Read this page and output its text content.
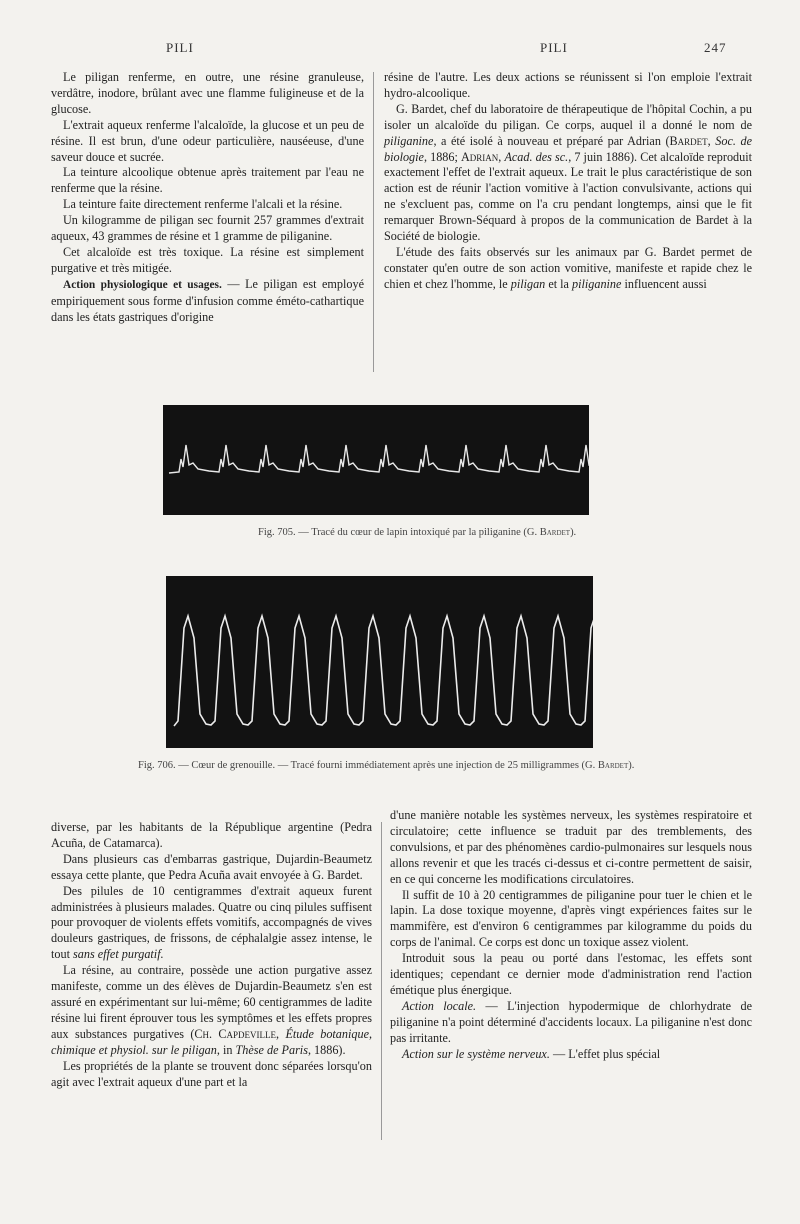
PILI	PILI	247

Le piligan renferme, en outre, une résine granuleuse, verdâtre, inodore, brûlant avec une flamme fuligineuse et de la glucose.

L'extrait aqueux renferme l'alcaloïde, la glucose et un peu de résine. Il est brun, d'une odeur particulière, nauséeuse, d'une saveur douce et sucrée.

La teinture alcoolique obtenue après traitement par l'eau ne renferme que la résine.

La teinture faite directement renferme l'alcali et la résine.

Un kilogramme de piligan sec fournit 257 grammes d'extrait aqueux, 43 grammes de résine et 1 gramme de piliganine.

Cet alcaloïde est très toxique. La résine est simplement purgative et très mitigée.

Action physiologique et usages. — Le piligan est employé empiriquement sous forme d'infusion comme éméto-cathartique dans les états gastriques d'origine

résine de l'autre. Les deux actions se réunissent si l'on emploie l'extrait hydro-alcoolique.

G. Bardet, chef du laboratoire de thérapeutique de l'hôpital Cochin, a pu isoler un alcaloïde du piligan. Ce corps, auquel il a donné le nom de piliganine, a été isolé à nouveau et préparé par Adrian (Bardet, Soc. de biologie, 1886; Adrian, Acad. des sc., 7 juin 1886). Cet alcaloïde reproduit exactement l'effet de l'extrait aqueux. Le trait le plus caractéristique de son action est de réunir l'action vomitive à l'action convulsivante, actions qui ne s'excluent pas, comme on l'a cru pendant longtemps, ainsi que le fit remarquer Brown-Séquard à propos de la communication de Bardet à la Société de biologie.

L'étude des faits observés sur les animaux par G. Bardet permet de constater qu'en outre de son action vomitive, manifeste et rapide chez le chien et chez l'homme, le piligan et la piliganine influencent aussi

Fig. 705. — Tracé du cœur de lapin intoxiqué par la piliganine (G. Bardet).
Fig. 706. — Cœur de grenouille. — Tracé fourni immédiatement après une injection de 25 milligrammes (G. Bardet).

diverse, par les habitants de la République argentine (Pedra Acuña, de Catamarca).

Dans plusieurs cas d'embarras gastrique, Dujardin-Beaumetz essaya cette plante, que Pedra Acuña avait envoyée à G. Bardet.

Des pilules de 10 centigrammes d'extrait aqueux furent administrées à plusieurs malades. Quatre ou cinq pilules suffisent pour provoquer de violents effets vomitifs, accompagnés de vives douleurs gastriques, de frissons, de céphalalgie assez intense, le tout sans effet purgatif.

La résine, au contraire, possède une action purgative assez manifeste, comme un des élèves de Dujardin-Beaumetz s'en est assuré en expérimentant sur lui-même; 60 centigrammes de ladite résine lui firent éprouver tous les symptômes et les effets propres aux substances purgatives (Ch. Capdeville, Étude botanique, chimique et physiol. sur le piligan, in Thèse de Paris, 1886).

Les propriétés de la plante se trouvent donc séparées lorsqu'on agit avec l'extrait aqueux d'une part et la

d'une manière notable les systèmes nerveux, les systèmes respiratoire et circulatoire; cette influence se traduit par des tremblements, des convulsions, et par des phénomènes cardio-pulmonaires sur lesquels nous allons revenir et que les tracés ci-dessus et ci-contre permettent de saisir, en ce qui concerne les modifications circulatoires.

Il suffit de 10 à 20 centigrammes de piliganine pour tuer le chien et le lapin. La dose toxique moyenne, d'après vingt expériences faites sur le mammifère, est d'environ 6 centigrammes par kilogramme du poids du corps de l'animal. Ce corps est donc un toxique assez violent.

Introduit sous la peau ou porté dans l'estomac, les effets sont identiques; cependant ce dernier mode d'administration rend l'action émétique plus énergique.

Action locale. — L'injection hypodermique de chlorhydrate de piliganine n'a point déterminé d'accidents locaux. La piliganine n'est donc pas irritante.

Action sur le système nerveux. — L'effet plus spécial
